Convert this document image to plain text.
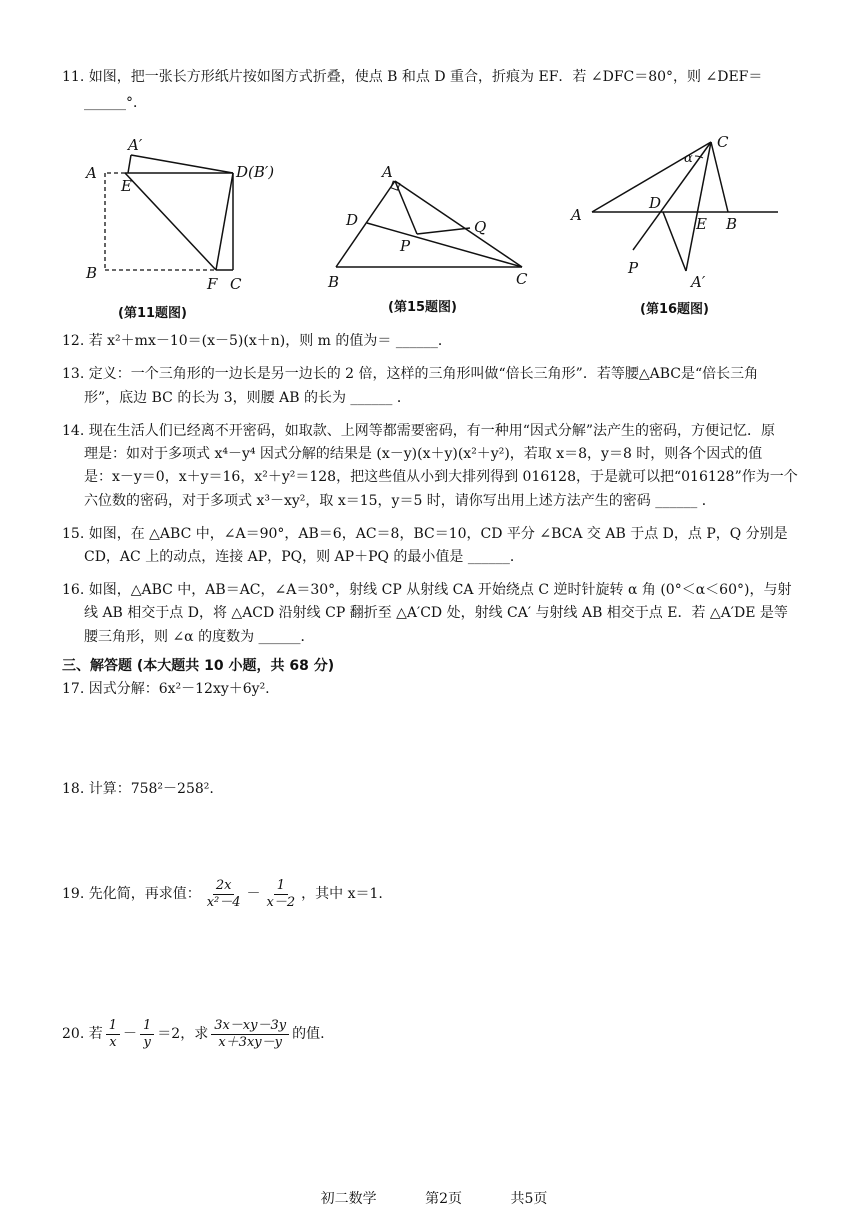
11. 如图，把一张长方形纸片按如图方式折叠，使点 B 和点 D 重合，折痕为 EF．若 ∠DFC＝80°，则 ∠DEF＝
______°．
A′
A
E
D(B′)
B
F C
(第11题图)
A
D	Q
P
B	C
(第15题图)
C
α
A
D
E B
P
A′
(第16题图)
12. 若 x²＋mx－10＝(x－5)(x＋n)，则 m 的值为＝ ______．
13. 定义：一个三角形的一边长是另一边长的 2 倍，这样的三角形叫做“倍长三角形”．若等腰△ABC是“倍长三角
形”，底边 BC 的长为 3，则腰 AB 的长为 ______ ．
14. 现在生活人们已经离不开密码，如取款、上网等都需要密码，有一种用“因式分解”法产生的密码，方便记忆．原
理是：如对于多项式 x⁴－y⁴ 因式分解的结果是 (x－y)(x＋y)(x²＋y²)，若取 x＝8，y＝8 时，则各个因式的值
是：x－y＝0，x＋y＝16，x²＋y²＝128，把这些值从小到大排列得到 016128，于是就可以把“016128”作为一个
六位数的密码，对于多项式 x³－xy²，取 x＝15，y＝5 时，请你写出用上述方法产生的密码 ______ ．
15. 如图，在 △ABC 中，∠A＝90°，AB＝6，AC＝8，BC＝10，CD 平分 ∠BCA 交 AB 于点 D，点 P，Q 分别是
CD，AC 上的动点，连接 AP，PQ，则 AP＋PQ 的最小值是 ______．
16. 如图，△ABC 中，AB＝AC，∠A＝30°，射线 CP 从射线 CA 开始绕点 C 逆时针旋转 α 角 (0°＜α＜60°)，与射
线 AB 相交于点 D，将 △ACD 沿射线 CP 翻折至 △A′CD 处，射线 CA′ 与射线 AB 相交于点 E．若 △A′DE 是等
腰三角形，则 ∠α 的度数为 ______．
三、解答题 (本大题共 10 小题，共 68 分)
17. 因式分解：6x²－12xy＋6y².
18. 计算：758²－258².
19. 先化简，再求值： $\frac{2x}{\text{x²－4}} - \frac{1}{x-2}$ ，其中 x＝1.
20. 若 $\frac{1}{x} - \frac{1}{y} =2$，求 $\frac{3x-xy-3y}{x+3xy-y}$ 的值.
初二数学	第2页	共5页
